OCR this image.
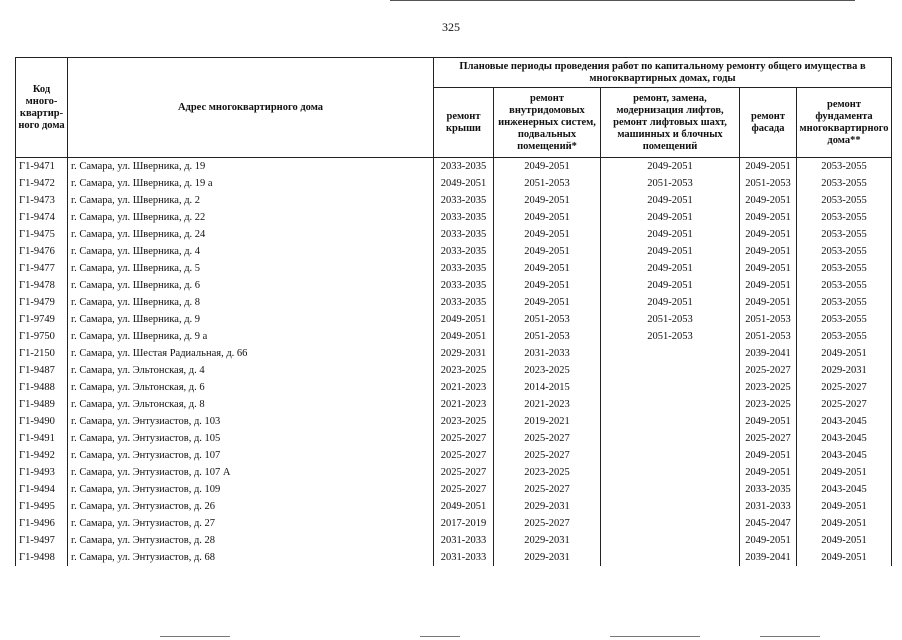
325
Код много-квартир-ного дома	Адрес многоквартирного дома	Плановые периоды проведения работ по капитальному ремонту общего имущества в многоквартирных домах, годы				
		ремонт крыши	ремонт внутридомовых инженерных систем, подвальных помещений*	ремонт, замена, модернизация лифтов, ремонт лифтовых шахт, машинных и блочных помещений	ремонт фасада	ремонт фундамента многоквартирного дома**
Г1-9471	г. Самара, ул. Шверника, д. 19	2033-2035	2049-2051	2049-2051	2049-2051	2053-2055
Г1-9472	г. Самара, ул. Шверника, д. 19 а	2049-2051	2051-2053	2051-2053	2051-2053	2053-2055
Г1-9473	г. Самара, ул. Шверника, д. 2	2033-2035	2049-2051	2049-2051	2049-2051	2053-2055
Г1-9474	г. Самара, ул. Шверника, д. 22	2033-2035	2049-2051	2049-2051	2049-2051	2053-2055
Г1-9475	г. Самара, ул. Шверника, д. 24	2033-2035	2049-2051	2049-2051	2049-2051	2053-2055
Г1-9476	г. Самара, ул. Шверника, д. 4	2033-2035	2049-2051	2049-2051	2049-2051	2053-2055
Г1-9477	г. Самара, ул. Шверника, д. 5	2033-2035	2049-2051	2049-2051	2049-2051	2053-2055
Г1-9478	г. Самара, ул. Шверника, д. 6	2033-2035	2049-2051	2049-2051	2049-2051	2053-2055
Г1-9479	г. Самара, ул. Шверника, д. 8	2033-2035	2049-2051	2049-2051	2049-2051	2053-2055
Г1-9749	г. Самара, ул. Шверника, д. 9	2049-2051	2051-2053	2051-2053	2051-2053	2053-2055
Г1-9750	г. Самара, ул. Шверника, д. 9 а	2049-2051	2051-2053	2051-2053	2051-2053	2053-2055
Г1-2150	г. Самара, ул. Шестая Радиальная, д. 66	2029-2031	2031-2033		2039-2041	2049-2051
Г1-9487	г. Самара, ул. Эльтонская, д. 4	2023-2025	2023-2025		2025-2027	2029-2031
Г1-9488	г. Самара, ул. Эльтонская, д. 6	2021-2023	2014-2015		2023-2025	2025-2027
Г1-9489	г. Самара, ул. Эльтонская, д. 8	2021-2023	2021-2023		2023-2025	2025-2027
Г1-9490	г. Самара, ул. Энтузиастов, д. 103	2023-2025	2019-2021		2049-2051	2043-2045
Г1-9491	г. Самара, ул. Энтузиастов, д. 105	2025-2027	2025-2027		2025-2027	2043-2045
Г1-9492	г. Самара, ул. Энтузиастов, д. 107	2025-2027	2025-2027		2049-2051	2043-2045
Г1-9493	г. Самара, ул. Энтузиастов, д. 107 А	2025-2027	2023-2025		2049-2051	2049-2051
Г1-9494	г. Самара, ул. Энтузиастов, д. 109	2025-2027	2025-2027		2033-2035	2043-2045
Г1-9495	г. Самара, ул. Энтузиастов, д. 26	2049-2051	2029-2031		2031-2033	2049-2051
Г1-9496	г. Самара, ул. Энтузиастов, д. 27	2017-2019	2025-2027		2045-2047	2049-2051
Г1-9497	г. Самара, ул. Энтузиастов, д. 28	2031-2033	2029-2031		2049-2051	2049-2051
Г1-9498	г. Самара, ул. Энтузиастов, д. 68	2031-2033	2029-2031		2039-2041	2049-2051
